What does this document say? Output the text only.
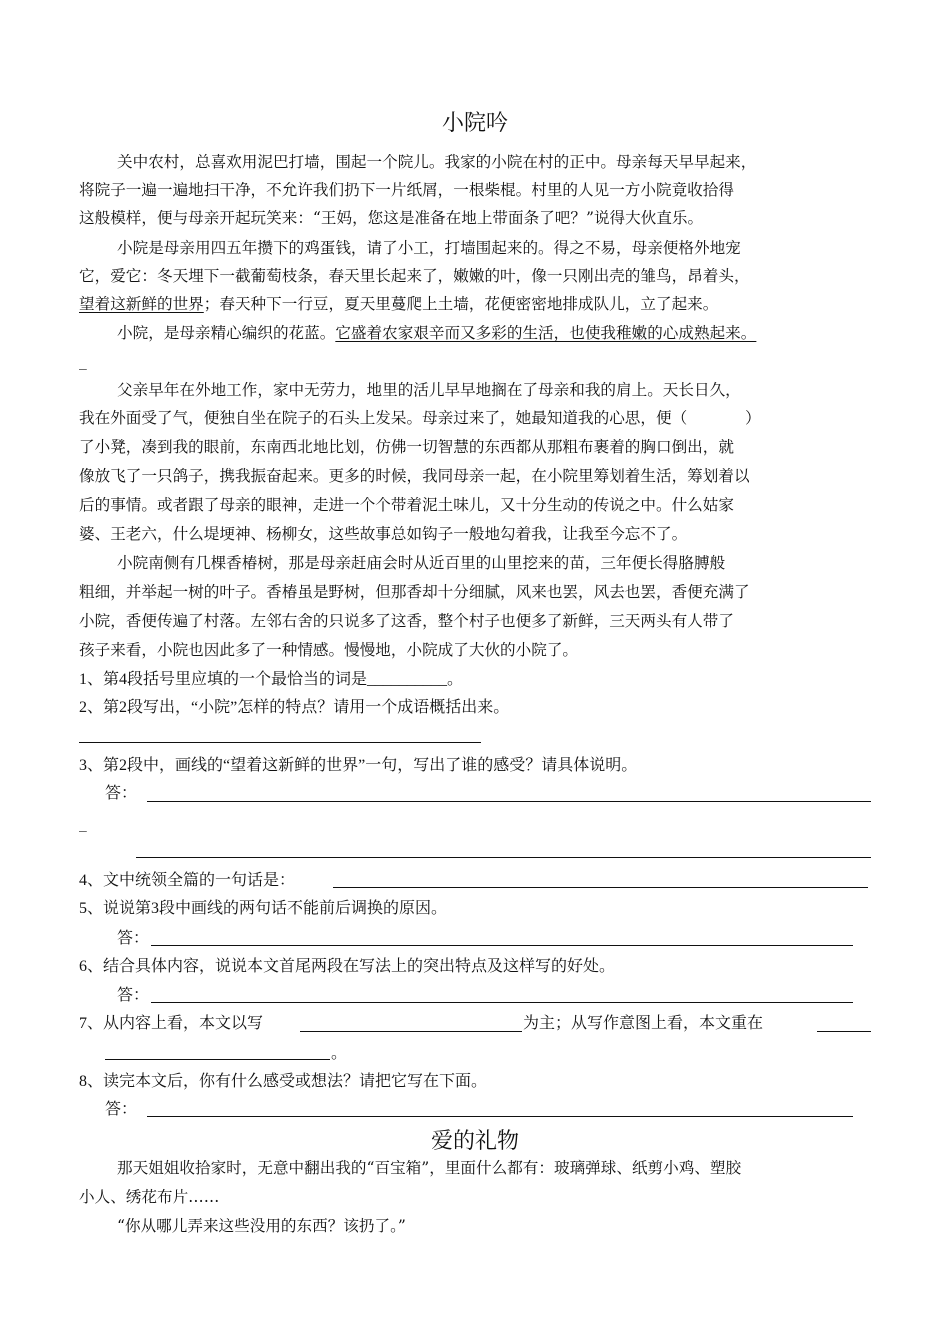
小院吟
关中农村，总喜欢用泥巴打墙，围起一个院儿。我家的小院在村的正中。母亲每天早早起来，
将院子一遍一遍地扫干净，不允许我们扔下一片纸屑，一根柴棍。村里的人见一方小院竟收拾得
这般模样，便与母亲开起玩笑来：“王妈，您这是准备在地上带面条了吧？”说得大伙直乐。
小院是母亲用四五年攒下的鸡蛋钱，请了小工，打墙围起来的。得之不易，母亲便格外地宠
它，爱它：冬天埋下一截葡萄枝条，春天里长起来了，嫩嫩的叶，像一只刚出壳的雏鸟，昂着头，
望着这新鲜的世界；春天种下一行豆，夏天里蔓爬上土墙，花便密密地排成队儿，立了起来。
小院，是母亲精心编织的花蓝。它盛着农家艰辛而又多彩的生活，也使我稚嫩的心成熟起来。
_
父亲早年在外地工作，家中无劳力，地里的活儿早早地搁在了母亲和我的肩上。天长日久，
我在外面受了气，便独自坐在院子的石头上发呆。母亲过来了，她最知道我的心思，便（	）
了小凳，凑到我的眼前，东南西北地比划，仿佛一切智慧的东西都从那粗布裹着的胸口倒出，就
像放飞了一只鸽子，携我振奋起来。更多的时候，我同母亲一起，在小院里筹划着生活，筹划着以
后的事情。或者跟了母亲的眼神，走进一个个带着泥土味儿，又十分生动的传说之中。什么姑家
婆、王老六，什么堤埂神、杨柳女，这些故事总如钩子一般地勾着我，让我至今忘不了。
小院南侧有几棵香椿树，那是母亲赶庙会时从近百里的山里挖来的苗，三年便长得胳膊般
粗细，并举起一树的叶子。香椿虽是野树，但那香却十分细腻，风来也罢，风去也罢，香便充满了
小院，香便传遍了村落。左邻右舍的只说多了这香，整个村子也便多了新鲜，三天两头有人带了
孩子来看，小院也因此多了一种情感。慢慢地，小院成了大伙的小院了。
1、第4段括号里应填的一个最恰当的词是__________。
2、第2段写出，“小院”怎样的特点？请用一个成语概括出来。
3、第2段中，画线的“望着这新鲜的世界”一句，写出了谁的感受？请具体说明。
答：
_
4、文中统领全篇的一句话是：
5、说说第3段中画线的两句话不能前后调换的原因。
答：
6、结合具体内容，说说本文首尾两段在写法上的突出特点及这样写的好处。
答：
7、从内容上看，本文以写	为主；从写作意图上看，本文重在
。
8、读完本文后，你有什么感受或想法？请把它写在下面。
答：
爱的礼物
那天姐姐收拾家时，无意中翻出我的“百宝箱”，里面什么都有：玻璃弹球、纸剪小鸡、塑胶
小人、绣花布片……
“你从哪儿弄来这些没用的东西？该扔了。”
